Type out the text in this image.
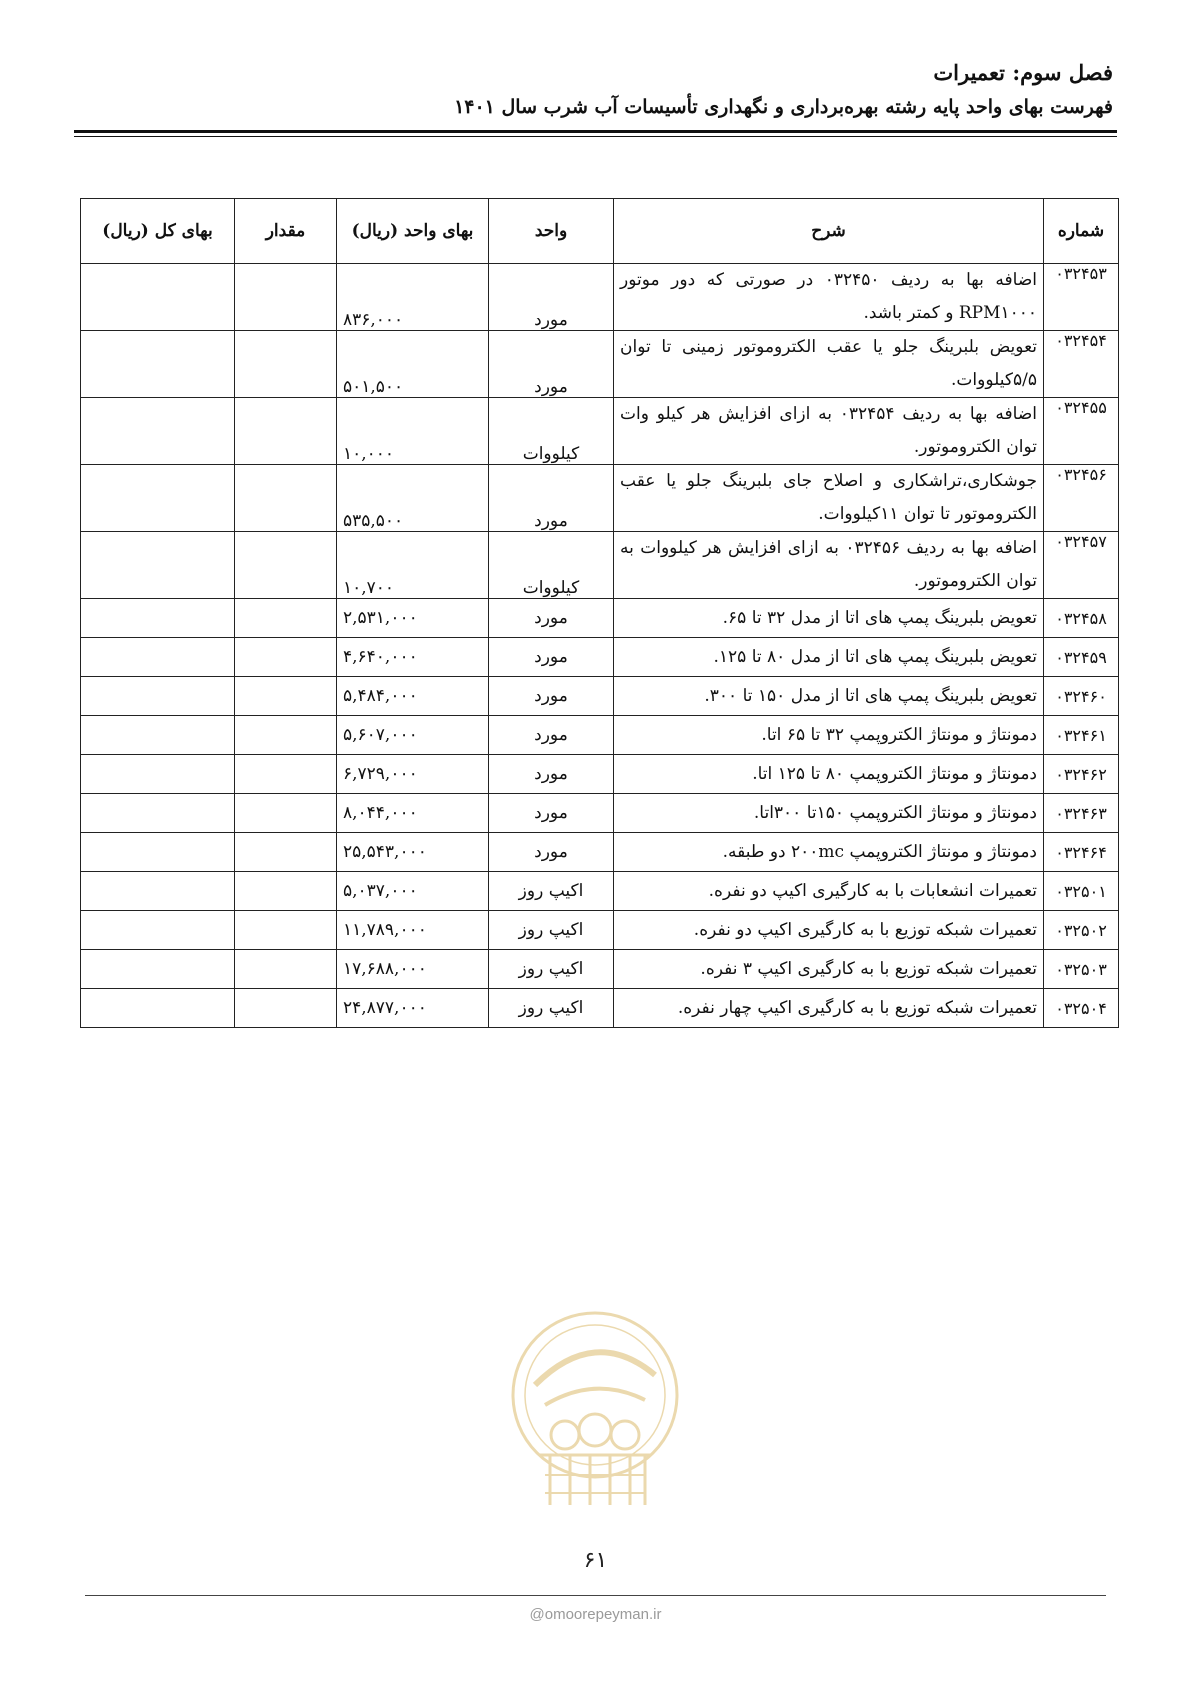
فصل سوم: تعمیرات
فهرست بهای واحد پایه رشته بهره‌برداری و نگهداری تأسیسات آب شرب سال ۱۴۰۱
شماره	شرح	واحد	بهای واحد (ریال)	مقدار	بهای کل (ریال)
۰۳۲۴۵۳	اضافه بها به ردیف ۰۳۲۴۵۰ در صورتی که دور موتور RPM۱۰۰۰ و کمتر باشد.	مورد	۸۳۶,۰۰۰		
۰۳۲۴۵۴	تعویض بلبرینگ جلو یا عقب الکتروموتور زمینی تا توان ۵/۵کیلووات.	مورد	۵۰۱,۵۰۰		
۰۳۲۴۵۵	اضافه بها به ردیف ۰۳۲۴۵۴ به ازای افزایش هر کیلو وات توان الکتروموتور.	کیلووات	۱۰,۰۰۰		
۰۳۲۴۵۶	جوشکاری،تراشکاری و اصلاح جای بلبرینگ جلو یا عقب الکتروموتور تا توان ۱۱کیلووات.	مورد	۵۳۵,۵۰۰		
۰۳۲۴۵۷	اضافه بها به ردیف ۰۳۲۴۵۶ به ازای افزایش هر کیلووات به توان الکتروموتور.	کیلووات	۱۰,۷۰۰		
۰۳۲۴۵۸	تعویض بلبرینگ پمپ های اتا از مدل ۳۲ تا ۶۵.	مورد	۲,۵۳۱,۰۰۰		
۰۳۲۴۵۹	تعویض بلبرینگ پمپ های اتا از مدل ۸۰ تا ۱۲۵.	مورد	۴,۶۴۰,۰۰۰		
۰۳۲۴۶۰	تعویض بلبرینگ پمپ های اتا از مدل ۱۵۰ تا ۳۰۰.	مورد	۵,۴۸۴,۰۰۰		
۰۳۲۴۶۱	دمونتاژ و مونتاژ الکتروپمپ ۳۲ تا ۶۵ اتا.	مورد	۵,۶۰۷,۰۰۰		
۰۳۲۴۶۲	دمونتاژ و مونتاژ الکتروپمپ ۸۰ تا ۱۲۵ اتا.	مورد	۶,۷۲۹,۰۰۰		
۰۳۲۴۶۳	دمونتاژ و مونتاژ الکتروپمپ ۱۵۰تا ۳۰۰اتا.	مورد	۸,۰۴۴,۰۰۰		
۰۳۲۴۶۴	دمونتاژ و مونتاژ الکتروپمپ ۲۰۰mc دو طبقه.	مورد	۲۵,۵۴۳,۰۰۰		
۰۳۲۵۰۱	تعمیرات انشعابات با به کارگیری اکیپ دو نفره.	اکیپ روز	۵,۰۳۷,۰۰۰		
۰۳۲۵۰۲	تعمیرات شبکه توزیع با به کارگیری اکیپ دو نفره.	اکیپ روز	۱۱,۷۸۹,۰۰۰		
۰۳۲۵۰۳	تعمیرات شبکه توزیع با به کارگیری اکیپ ۳ نفره.	اکیپ روز	۱۷,۶۸۸,۰۰۰		
۰۳۲۵۰۴	تعمیرات شبکه توزیع با به کارگیری اکیپ چهار نفره.	اکیپ روز	۲۴,۸۷۷,۰۰۰		
۶۱
@omoorepeyman.ir
